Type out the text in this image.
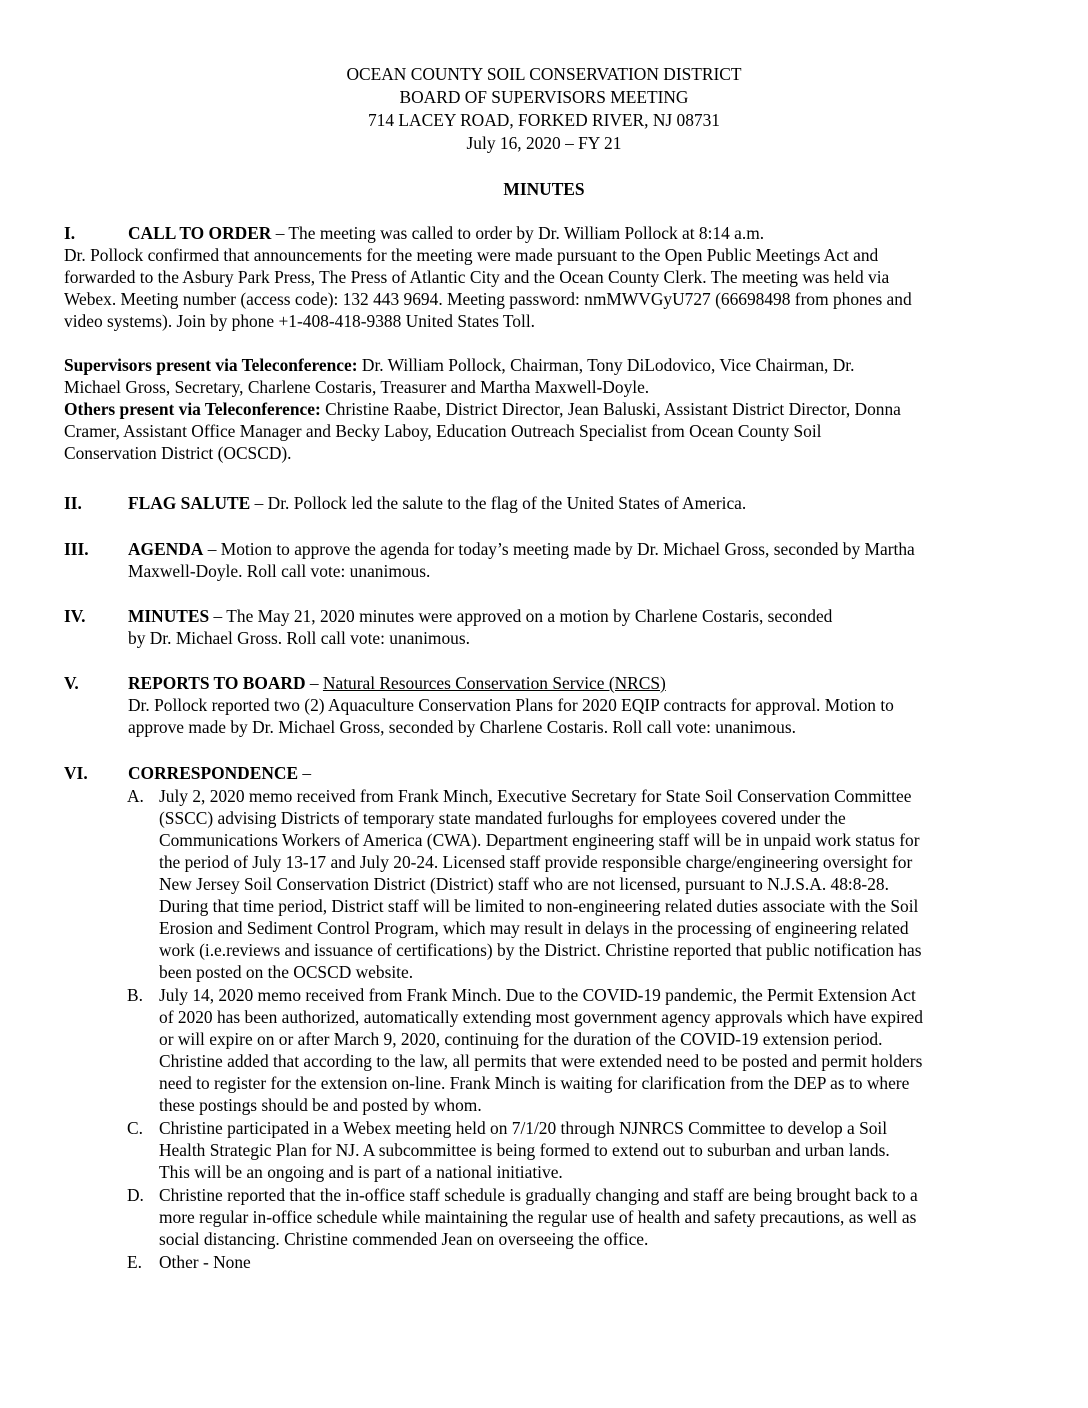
OCEAN COUNTY SOIL CONSERVATION DISTRICT
BOARD OF SUPERVISORS MEETING
714 LACEY ROAD, FORKED RIVER, NJ 08731
July 16, 2020 – FY 21
MINUTES
I.	CALL TO ORDER – The meeting was called to order by Dr. William Pollock at 8:14 a.m.
Dr. Pollock confirmed that announcements for the meeting were made pursuant to the Open Public Meetings Act and
forwarded to the Asbury Park Press, The Press of Atlantic City and the Ocean County Clerk. The meeting was held via
Webex. Meeting number (access code): 132 443 9694. Meeting password: nmMWVGyU727 (66698498 from phones and
video systems). Join by phone +1-408-418-9388 United States Toll.
Supervisors present via Teleconference: Dr. William Pollock, Chairman, Tony DiLodovico, Vice Chairman, Dr.
Michael Gross, Secretary, Charlene Costaris, Treasurer and Martha Maxwell-Doyle.
Others present via Teleconference: Christine Raabe, District Director, Jean Baluski, Assistant District Director, Donna
Cramer, Assistant Office Manager and Becky Laboy, Education Outreach Specialist from Ocean County Soil
Conservation District (OCSCD).
II.	FLAG SALUTE – Dr. Pollock led the salute to the flag of the United States of America.
III. AGENDA – Motion to approve the agenda for today’s meeting made by Dr. Michael Gross, seconded by Martha
Maxwell-Doyle. Roll call vote: unanimous.
IV. MINUTES – The May 21, 2020 minutes were approved on a motion by Charlene Costaris, seconded
by Dr. Michael Gross. Roll call vote: unanimous.
V.	REPORTS TO BOARD – Natural Resources Conservation Service (NRCS)
Dr. Pollock reported two (2) Aquaculture Conservation Plans for 2020 EQIP contracts for approval. Motion to
approve made by Dr. Michael Gross, seconded by Charlene Costaris. Roll call vote: unanimous.
VI. CORRESPONDENCE –
A. July 2, 2020 memo received from Frank Minch, Executive Secretary for State Soil Conservation Committee
(SSCC) advising Districts of temporary state mandated furloughs for employees covered under the
Communications Workers of America (CWA). Department engineering staff will be in unpaid work status for
the period of July 13-17 and July 20-24. Licensed staff provide responsible charge/engineering oversight for
New Jersey Soil Conservation District (District) staff who are not licensed, pursuant to N.J.S.A. 48:8-28.
During that time period, District staff will be limited to non-engineering related duties associate with the Soil
Erosion and Sediment Control Program, which may result in delays in the processing of engineering related
work (i.e.reviews and issuance of certifications) by the District. Christine reported that public notification has
been posted on the OCSCD website.
B. July 14, 2020 memo received from Frank Minch. Due to the COVID-19 pandemic, the Permit Extension Act
of 2020 has been authorized, automatically extending most government agency approvals which have expired
or will expire on or after March 9, 2020, continuing for the duration of the COVID-19 extension period.
Christine added that according to the law, all permits that were extended need to be posted and permit holders
need to register for the extension on-line. Frank Minch is waiting for clarification from the DEP as to where
these postings should be and posted by whom.
C. Christine participated in a Webex meeting held on 7/1/20 through NJNRCS Committee to develop a Soil
Health Strategic Plan for NJ. A subcommittee is being formed to extend out to suburban and urban lands.
This will be an ongoing and is part of a national initiative.
D. Christine reported that the in-office staff schedule is gradually changing and staff are being brought back to a
more regular in-office schedule while maintaining the regular use of health and safety precautions, as well as
social distancing. Christine commended Jean on overseeing the office.
E. Other - None
